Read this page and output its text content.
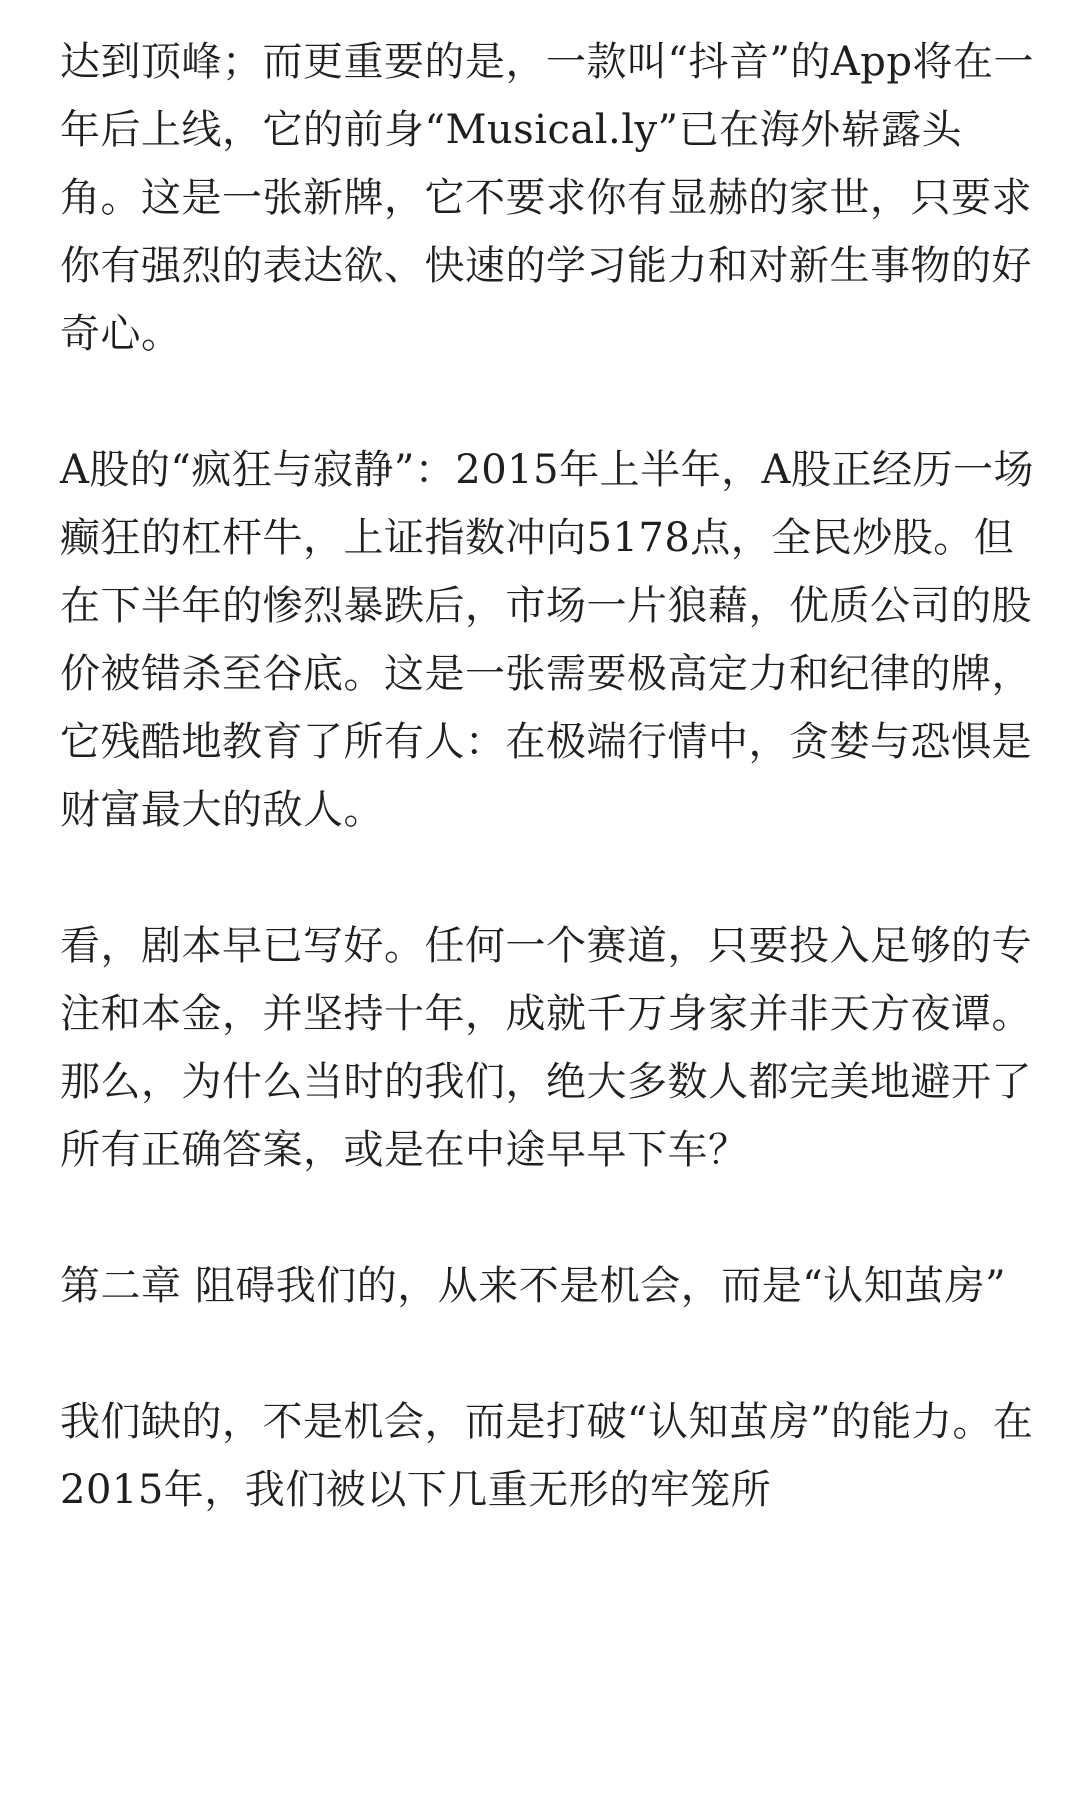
达到顶峰；而更重要的是，一款叫“抖音”的App将在一年后上线，它的前身“Musical.ly”已在海外崭露头角。这是一张新牌，它不要求你有显赫的家世，只要求你有强烈的表达欲、快速的学习能力和对新生事物的好奇心。

A股的“疯狂与寂静”：2015年上半年，A股正经历一场癫狂的杠杆牛，上证指数冲向5178点，全民炒股。但在下半年的惨烈暴跌后，市场一片狼藉，优质公司的股价被错杀至谷底。这是一张需要极高定力和纪律的牌，它残酷地教育了所有人：在极端行情中，贪婪与恐惧是财富最大的敌人。

看，剧本早已写好。任何一个赛道，只要投入足够的专注和本金，并坚持十年，成就千万身家并非天方夜谭。那么，为什么当时的我们，绝大多数人都完美地避开了所有正确答案，或是在中途早早下车？

第二章 阻碍我们的，从来不是机会，而是“认知茧房”

我们缺的，不是机会，而是打破“认知茧房”的能力。在2015年，我们被以下几重无形的牢笼所
